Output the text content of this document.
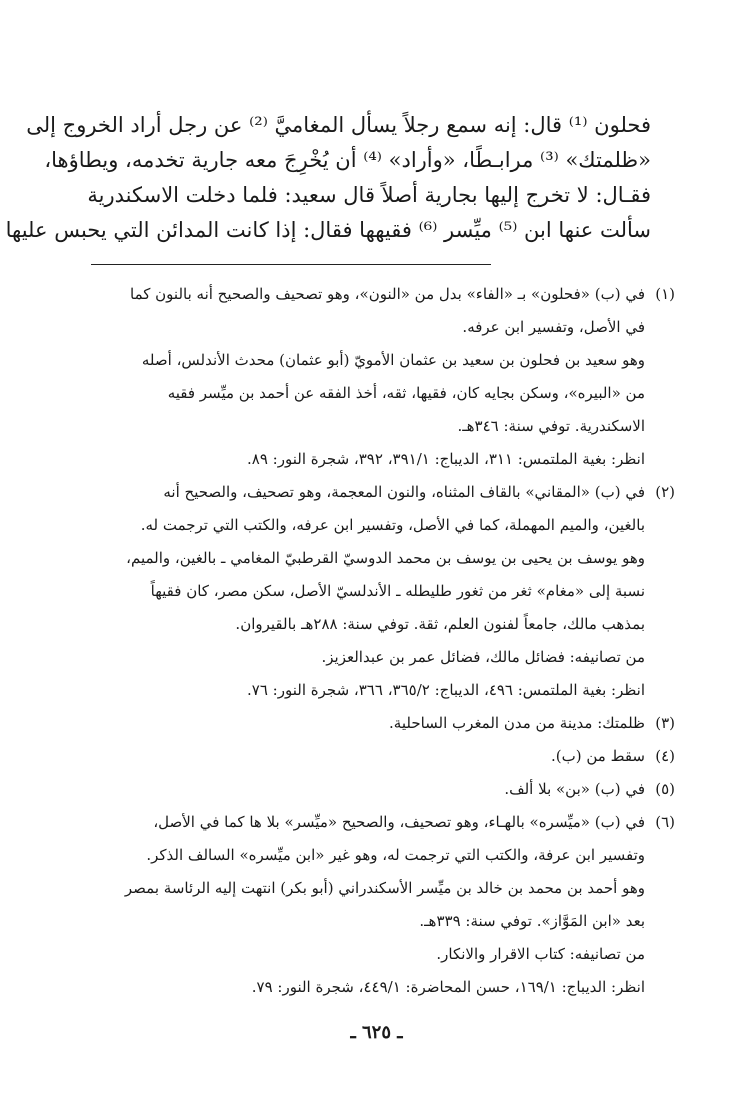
فحلون ⁽¹⁾ قال: إنه سمع رجلاً يسأل المغاميَّ ⁽²⁾ عن رجل أراد الخروج إلى
«ظلمتك» ⁽³⁾ مرابـطًا، «وأراد» ⁽⁴⁾ أن يُخْرِجَ معه جارية تخدمه، ويطاؤها،
فقـال: لا تخرج إليها بجارية أصلاً قال سعيد: فلما دخلت الاسكندرية
سألت عنها ابن ⁽⁵⁾ ميِّسر ⁽⁶⁾ فقيهها فقال: إذا كانت المدائن التي يحبس عليها
(١)
في (ب) «فحلون» بـ «الفاء» بدل من «النون»، وهو تصحيف والصحيح أنه بالنون كما
في الأصل، وتفسير ابن عرفه.
وهو سعيد بن فحلون بن سعيد بن عثمان الأمويّ (أبو عثمان) محدث الأندلس، أصله
من «البيره»، وسكن بجايه كان، فقيها، ثقه، أخذ الفقه عن أحمد بن ميِّسر فقيه
الاسكندرية. توفي سنة: ٣٤٦هـ.
انظر: بغية الملتمس: ٣١١، الديباج: ٣٩١/١، ٣٩٢، شجرة النور: ٨٩.
(٢)
في (ب) «المقاني» بالقاف المثناه، والنون المعجمة، وهو تصحيف، والصحيح أنه
بالغين، والميم المهملة، كما في الأصل، وتفسير ابن عرفه، والكتب التي ترجمت له.
وهو يوسف بن يحيى بن يوسف بن محمد الدوسيّ القرطبيّ المغامي ـ بالغين، والميم،
نسبة إلى «مغام» ثغر من ثغور طليطله ـ الأندلسيّ الأصل، سكن مصر، كان فقيهاً
بمذهب مالك، جامعاً لفنون العلم، ثقة. توفي سنة: ٢٨٨هـ بالقيروان.
من تصانيفه: فضائل مالك، فضائل عمر بن عبدالعزيز.
انظر: بغية الملتمس: ٤٩٦، الديباج: ٣٦٥/٢، ٣٦٦، شجرة النور: ٧٦.
(٣)
ظلمتك: مدينة من مدن المغرب الساحلية.
(٤)
سقط من (ب).
(٥)
في (ب) «بن» بلا ألف.
(٦)
في (ب) «ميِّسره» بالهـاء، وهو تصحيف، والصحيح «ميِّسر» بلا ها كما في الأصل،
وتفسير ابن عرفة، والكتب التي ترجمت له، وهو غير «ابن ميِّسره» السالف الذكر.
وهو أحمد بن محمد بن خالد بن ميِّسر الأسكندراني (أبو بكر) انتهت إليه الرئاسة بمصر
بعد «ابن المَوَّاز». توفي سنة: ٣٣٩هـ.
من تصانيفه: كتاب الاقرار والانكار.
انظر: الديباج: ١٦٩/١، حسن المحاضرة: ٤٤٩/١، شجرة النور: ٧٩.
ـ ٦٢٥ ـ
